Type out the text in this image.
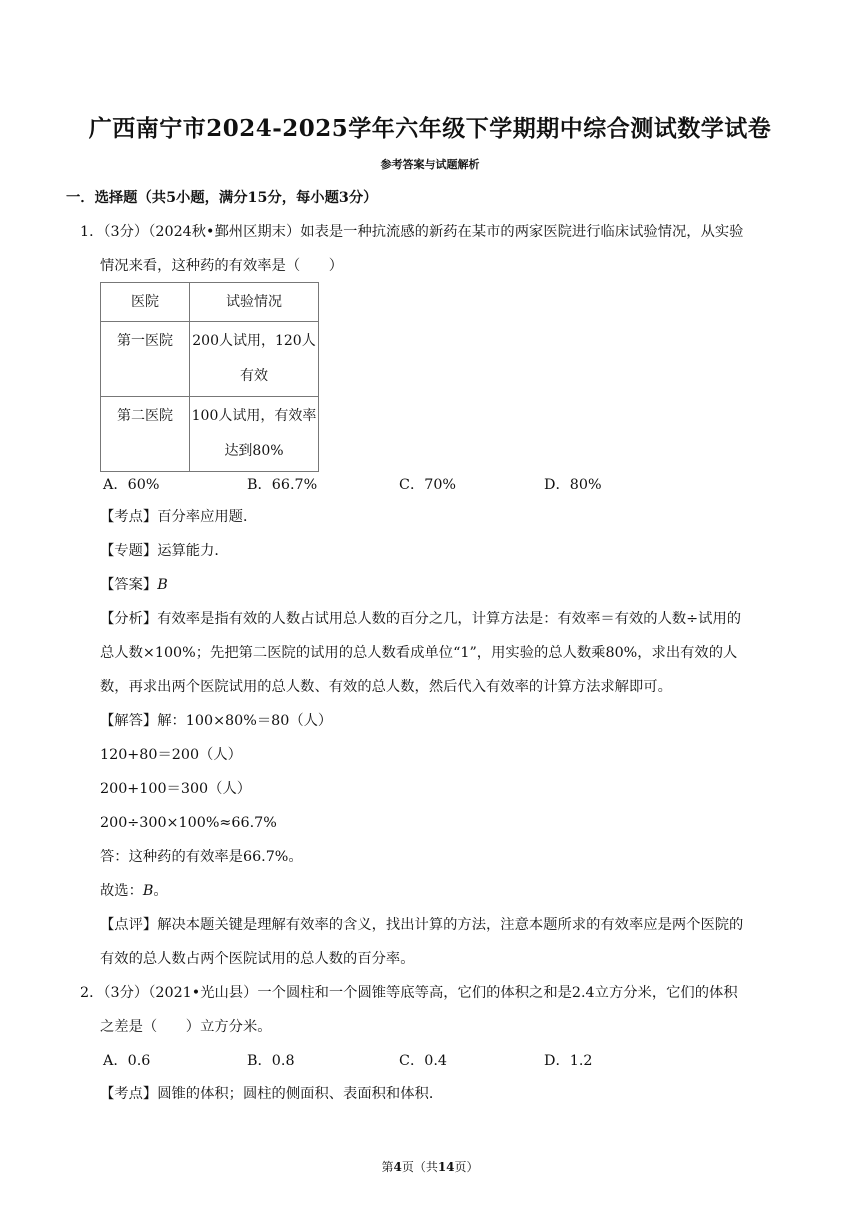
广西南宁市2024-2025学年六年级下学期期中综合测试数学试卷
参考答案与试题解析
一．选择题（共5小题，满分15分，每小题3分）
1．（3分）（2024秋•鄞州区期末）如表是一种抗流感的新药在某市的两家医院进行临床试验情况，从实验
情况来看，这种药的有效率是（　　）
医院	试验情况
第一医院	200人试用，120人
有效

第二医院	100人试用，有效率
达到80%
A．60%	B．66.7%	C．70%	D．80%
【考点】百分率应用题．
【专题】运算能力．
【答案】B
【分析】有效率是指有效的人数占试用总人数的百分之几，计算方法是：有效率＝有效的人数÷试用的
总人数×100%；先把第二医院的试用的总人数看成单位“1”，用实验的总人数乘80%，求出有效的人
数，再求出两个医院试用的总人数、有效的总人数，然后代入有效率的计算方法求解即可。
【解答】解：100×80%＝80（人）
120+80＝200（人）
200+100＝300（人）
200÷300×100%≈66.7%
答：这种药的有效率是66.7%。
故选：B。
【点评】解决本题关键是理解有效率的含义，找出计算的方法，注意本题所求的有效率应是两个医院的
有效的总人数占两个医院试用的总人数的百分率。
2．（3分）（2021•光山县）一个圆柱和一个圆锥等底等高，它们的体积之和是2.4立方分米，它们的体积
之差是（　　）立方分米。
A．0.6	B．0.8	C．0.4	D．1.2
【考点】圆锥的体积；圆柱的侧面积、表面积和体积．
第4页（共14页）
